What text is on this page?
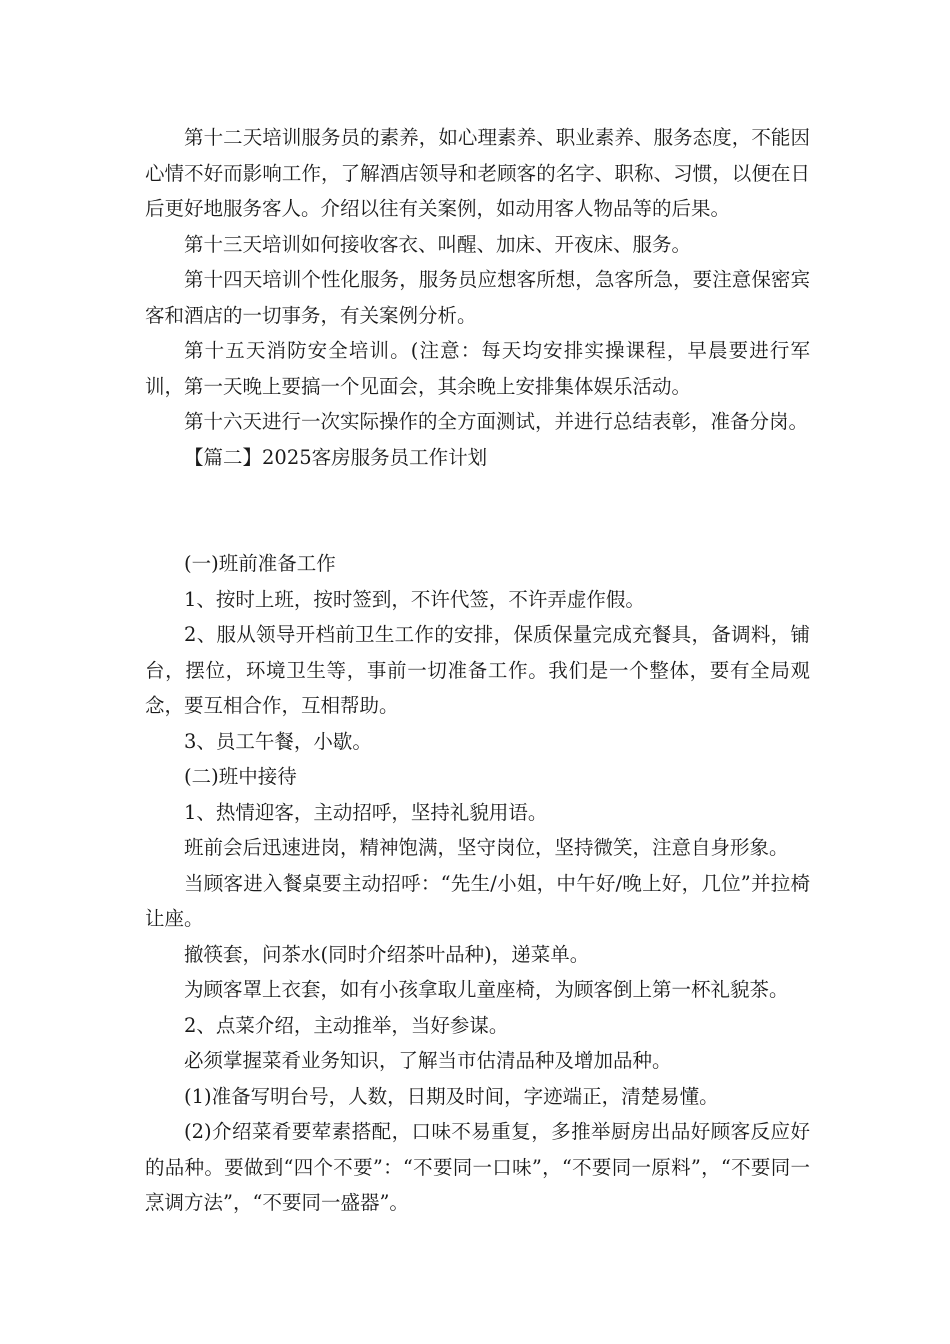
第十二天培训服务员的素养，如心理素养、职业素养、服务态度，不能因心情不好而影响工作，了解酒店领导和老顾客的名字、职称、习惯，以便在日后更好地服务客人。介绍以往有关案例，如动用客人物品等的后果。

第十三天培训如何接收客衣、叫醒、加床、开夜床、服务。

第十四天培训个性化服务，服务员应想客所想，急客所急，要注意保密宾客和酒店的一切事务，有关案例分析。

第十五天消防安全培训。(注意：每天均安排实操课程，早晨要进行军训，第一天晚上要搞一个见面会，其余晚上安排集体娱乐活动。

第十六天进行一次实际操作的全方面测试，并进行总结表彰，准备分岗。

【篇二】2025客房服务员工作计划

(一)班前准备工作

1、按时上班，按时签到，不许代签，不许弄虚作假。

2、服从领导开档前卫生工作的安排，保质保量完成充餐具，备调料，铺台，摆位，环境卫生等，事前一切准备工作。我们是一个整体，要有全局观念，要互相合作，互相帮助。

3、员工午餐，小歇。

(二)班中接待

1、热情迎客，主动招呼，坚持礼貌用语。

班前会后迅速进岗，精神饱满，坚守岗位，坚持微笑，注意自身形象。

当顾客进入餐桌要主动招呼：“先生/小姐，中午好/晚上好，几位”并拉椅让座。

撤筷套，问茶水(同时介绍茶叶品种)，递菜单。

为顾客罩上衣套，如有小孩拿取儿童座椅，为顾客倒上第一杯礼貌茶。

2、点菜介绍，主动推举，当好参谋。

必须掌握菜肴业务知识，了解当市估清品种及增加品种。

(1)准备写明台号，人数，日期及时间，字迹端正，清楚易懂。

(2)介绍菜肴要荤素搭配，口味不易重复，多推举厨房出品好顾客反应好的品种。要做到“四个不要”：“不要同一口味”，“不要同一原料”，“不要同一烹调方法”，“不要同一盛器”。
